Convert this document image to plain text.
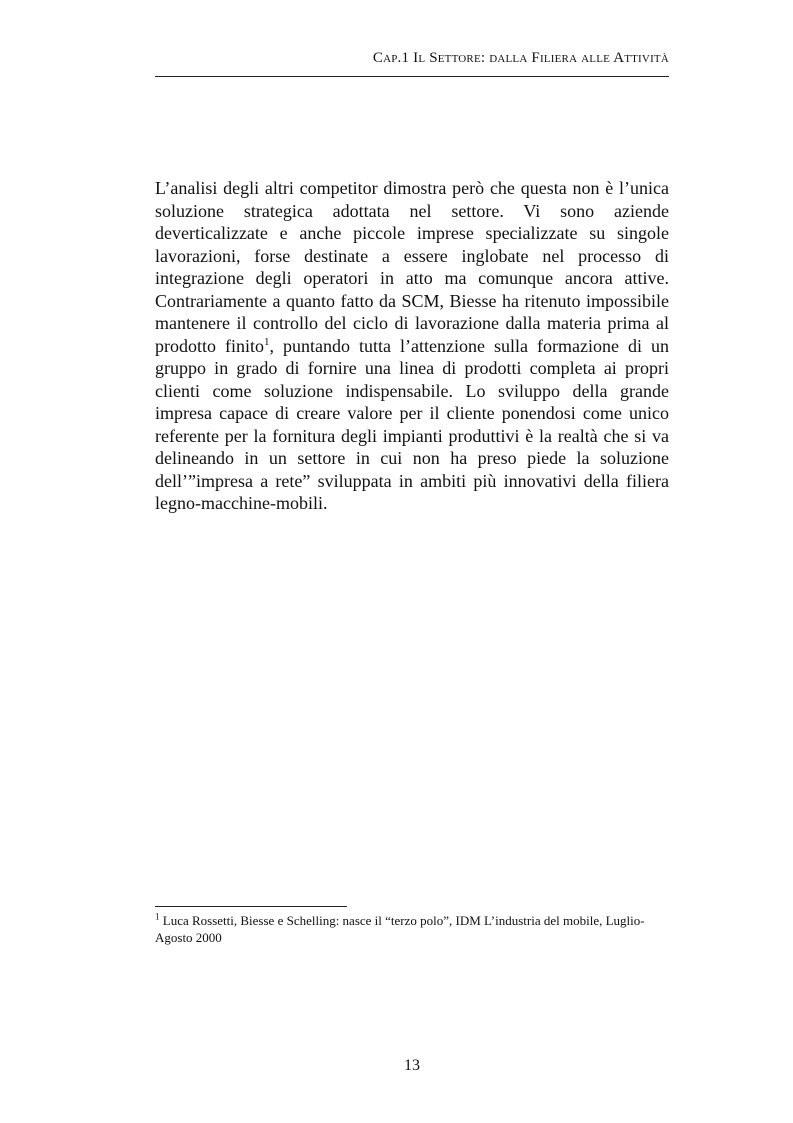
Cap.1 Il Settore: dalla Filiera alle Attività

L’analisi degli altri competitor dimostra però che questa non è l’unica soluzione strategica adottata nel settore. Vi sono aziende deverticalizzate e anche piccole imprese specializzate su singole lavorazioni, forse destinate a essere inglobate nel processo di integrazione degli operatori in atto ma comunque ancora attive. Contrariamente a quanto fatto da SCM, Biesse ha ritenuto impossibile mantenere il controllo del ciclo di lavorazione dalla materia prima al prodotto finito$^1$, puntando tutta l’attenzione sulla formazione di un gruppo in grado di fornire una linea di prodotti completa ai propri clienti come soluzione indispensabile. Lo sviluppo della grande impresa capace di creare valore per il cliente ponendosi come unico referente per la fornitura degli impianti produttivi è la realtà che si va delineando in un settore in cui non ha preso piede la soluzione dell’”impresa a rete” sviluppata in ambiti più innovativi della filiera legno-macchine-mobili.

$^1$ Luca Rossetti, Biesse e Schelling: nasce il “terzo polo”, IDM L’industria del mobile, Luglio-Agosto 2000

13
